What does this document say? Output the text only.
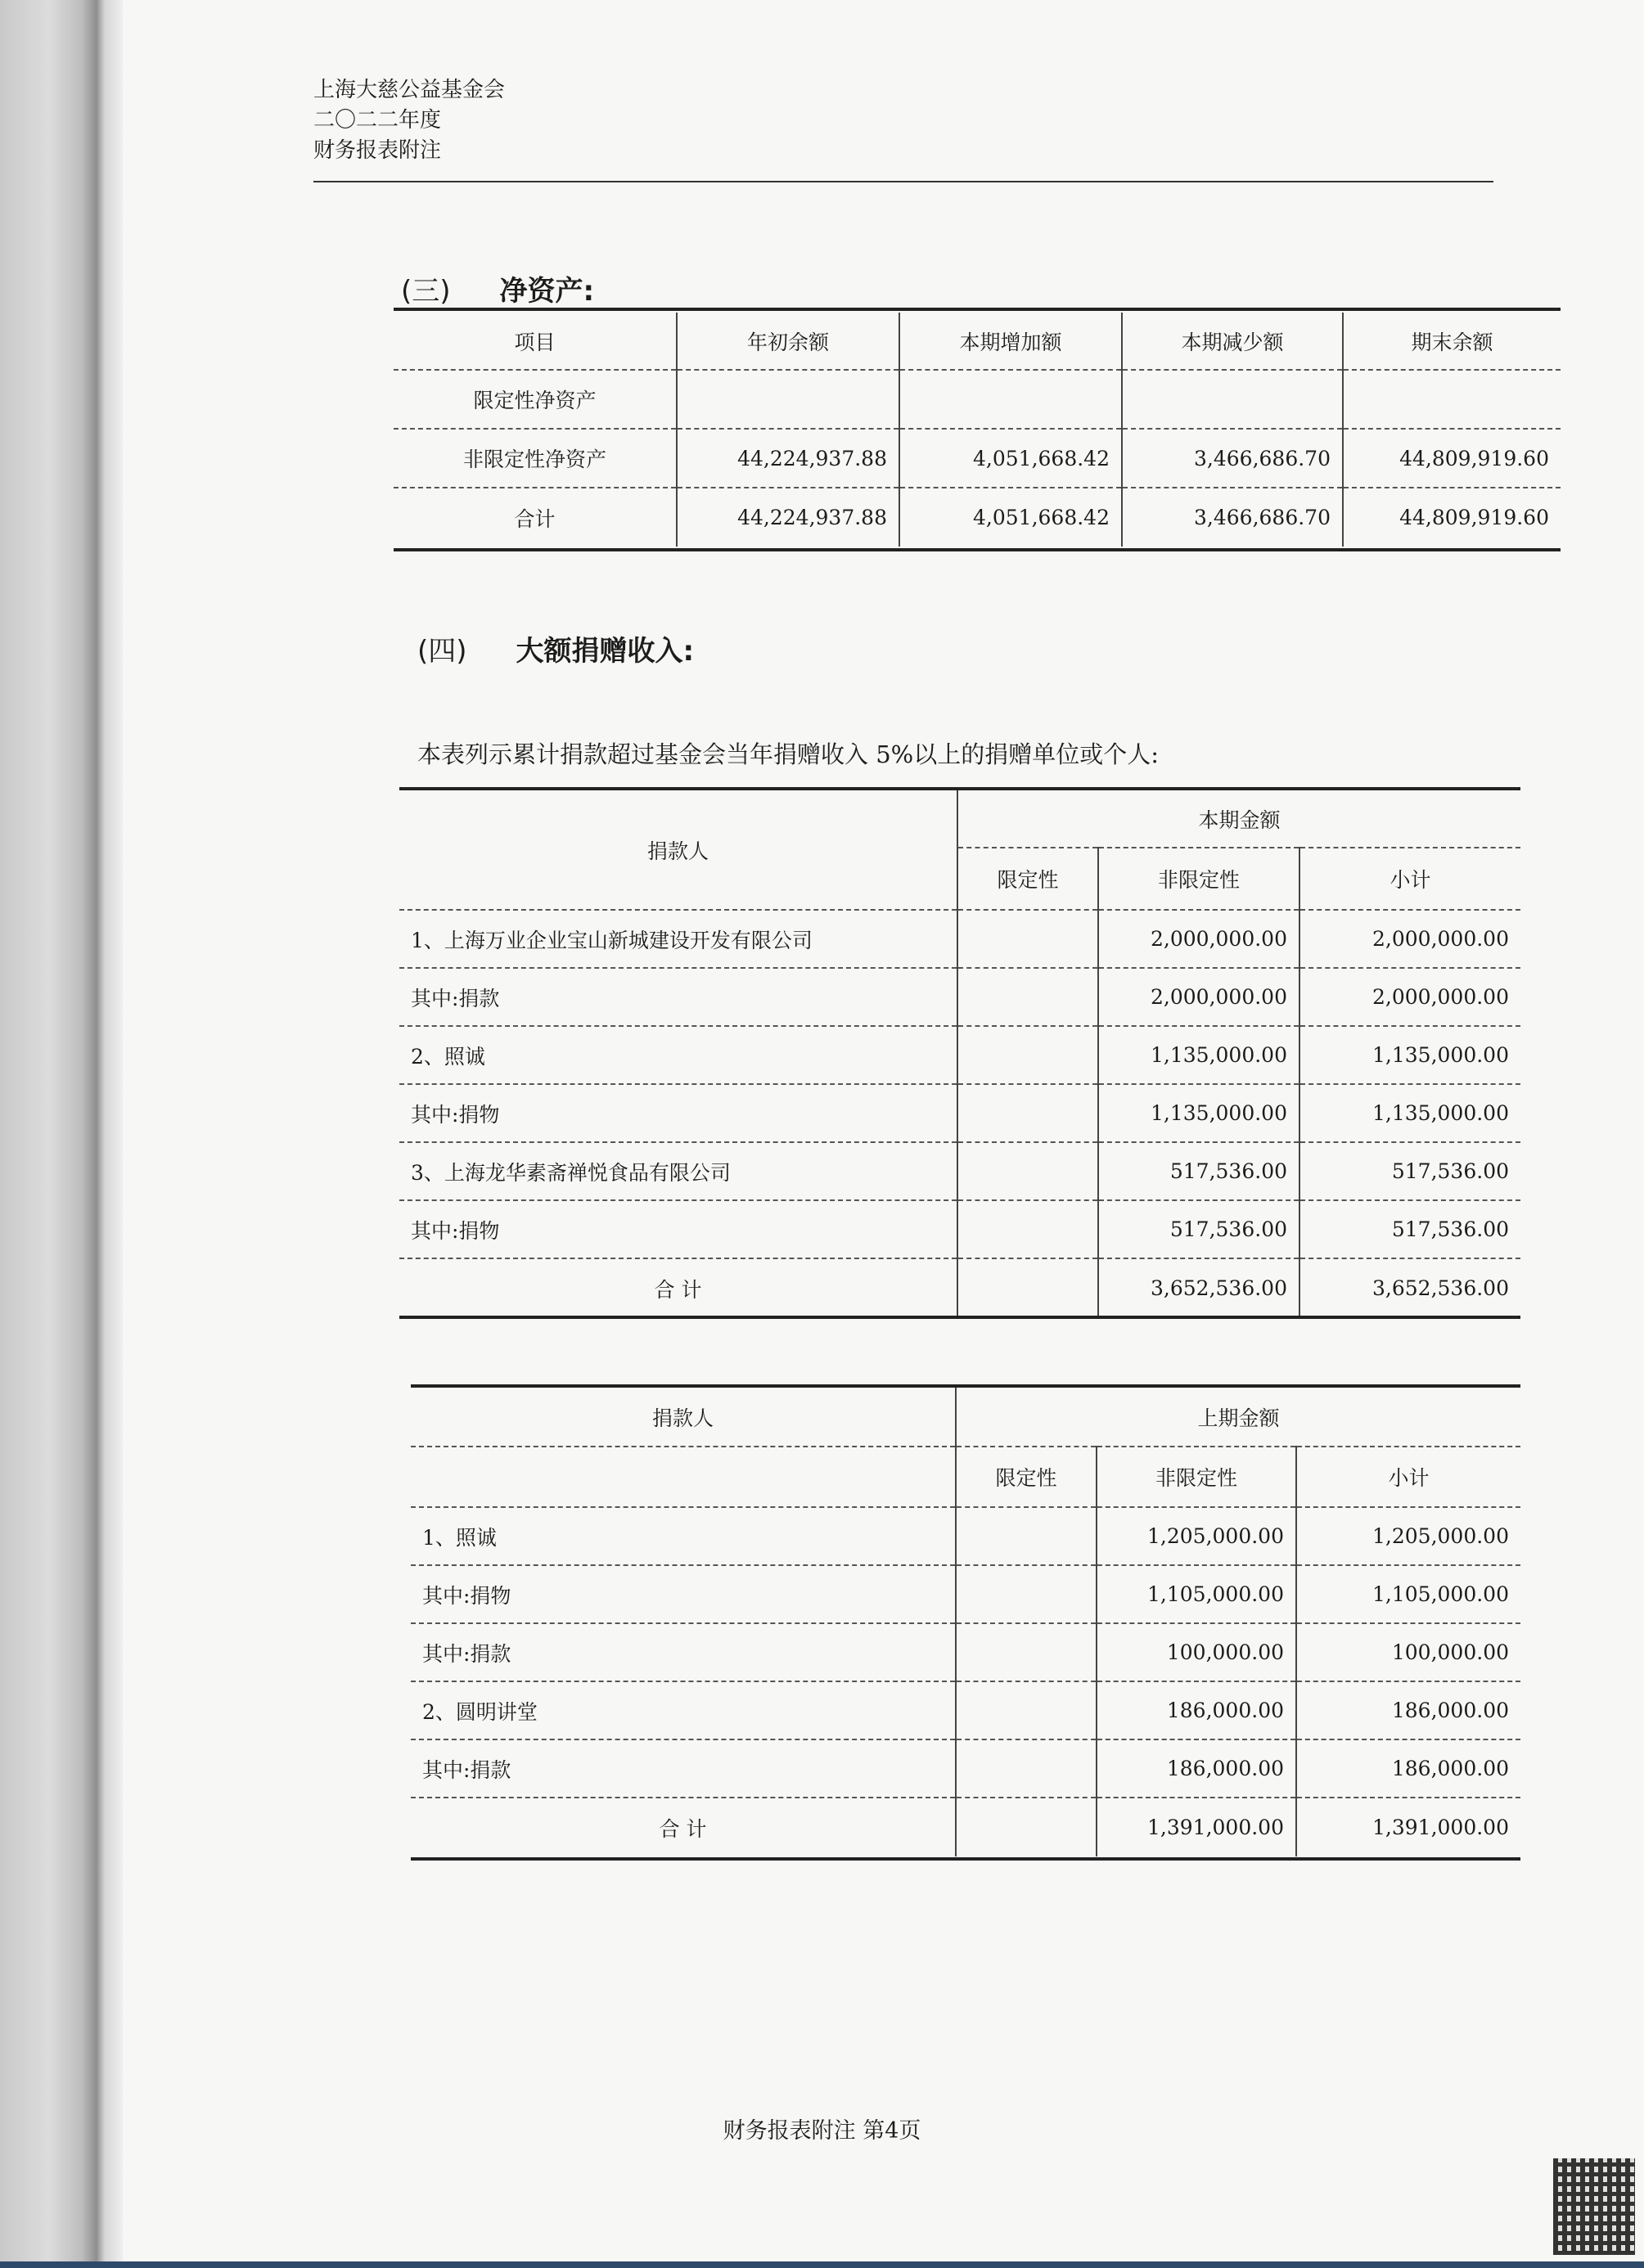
上海大慈公益基金会
二〇二二年度
财务报表附注
(三) 净资产:
项目	年初余额	本期增加额	本期减少额	期末余额
限定性净资产				
非限定性净资产	44,224,937.88	4,051,668.42	3,466,686.70	44,809,919.60
合计	44,224,937.88	4,051,668.42	3,466,686.70	44,809,919.60
(四) 大额捐赠收入:
本表列示累计捐款超过基金会当年捐赠收入 5%以上的捐赠单位或个人:
捐款人	本期金额		
	限定性	非限定性	小计
1、上海万业企业宝山新城建设开发有限公司		2,000,000.00	2,000,000.00
其中:捐款		2,000,000.00	2,000,000.00
2、照诚		1,135,000.00	1,135,000.00
其中:捐物		1,135,000.00	1,135,000.00
3、上海龙华素斋禅悦食品有限公司		517,536.00	517,536.00
其中:捐物		517,536.00	517,536.00
合 计		3,652,536.00	3,652,536.00
捐款人	上期金额		
	限定性	非限定性	小计
1、照诚		1,205,000.00	1,205,000.00
其中:捐物		1,105,000.00	1,105,000.00
其中:捐款		100,000.00	100,000.00
2、圆明讲堂		186,000.00	186,000.00
其中:捐款		186,000.00	186,000.00
合 计		1,391,000.00	1,391,000.00
财务报表附注 第4页
